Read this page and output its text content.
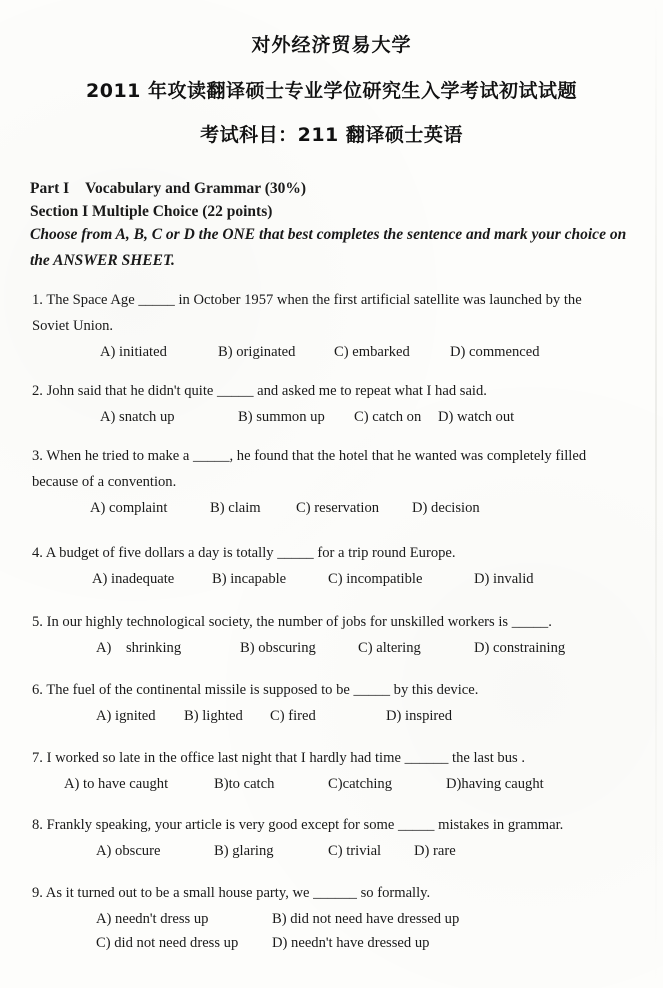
对外经济贸易大学
2011 年攻读翻译硕士专业学位研究生入学考试初试试题
考试科目：211 翻译硕士英语
Part I Vocabulary and Grammar (30%)
Section I Multiple Choice (22 points)
Choose from A, B, C or D the ONE that best completes the sentence and mark your choice on the ANSWER SHEET.
1. The Space Age _____ in October 1957 when the first artificial satellite was launched by the Soviet Union.
A) initiated	B) originated	C) embarked	D) commenced
2. John said that he didn't quite _____ and asked me to repeat what I had said.
A) snatch up	B) summon up C) catch on D) watch out
3. When he tried to make a _____, he found that the hotel that he wanted was completely filled because of a convention.
A) complaint	B) claim C) reservation D) decision
4. A budget of five dollars a day is totally _____ for a trip round Europe.
A) inadequate	B) incapable	C) incompatible	D) invalid
5. In our highly technological society, the number of jobs for unskilled workers is _____.
A)    shrinking	B) obscuring	C) altering	D) constraining
6. The fuel of the continental missile is supposed to be _____ by this device.
A) ignited B) lighted C) fired	D) inspired
7. I worked so late in the office last night that I hardly had time ______ the last bus .
A) to have caught	B)to catch	C)catching	D)having caught
8. Frankly speaking, your article is very good except for some _____ mistakes in grammar.
A) obscure	B) glaring	C) trivial D) rare
9. As it turned out to be a small house party, we ______ so formally.
A) needn't dress up	B) did not need have dressed up
C) did not need dress up D) needn't have dressed up
